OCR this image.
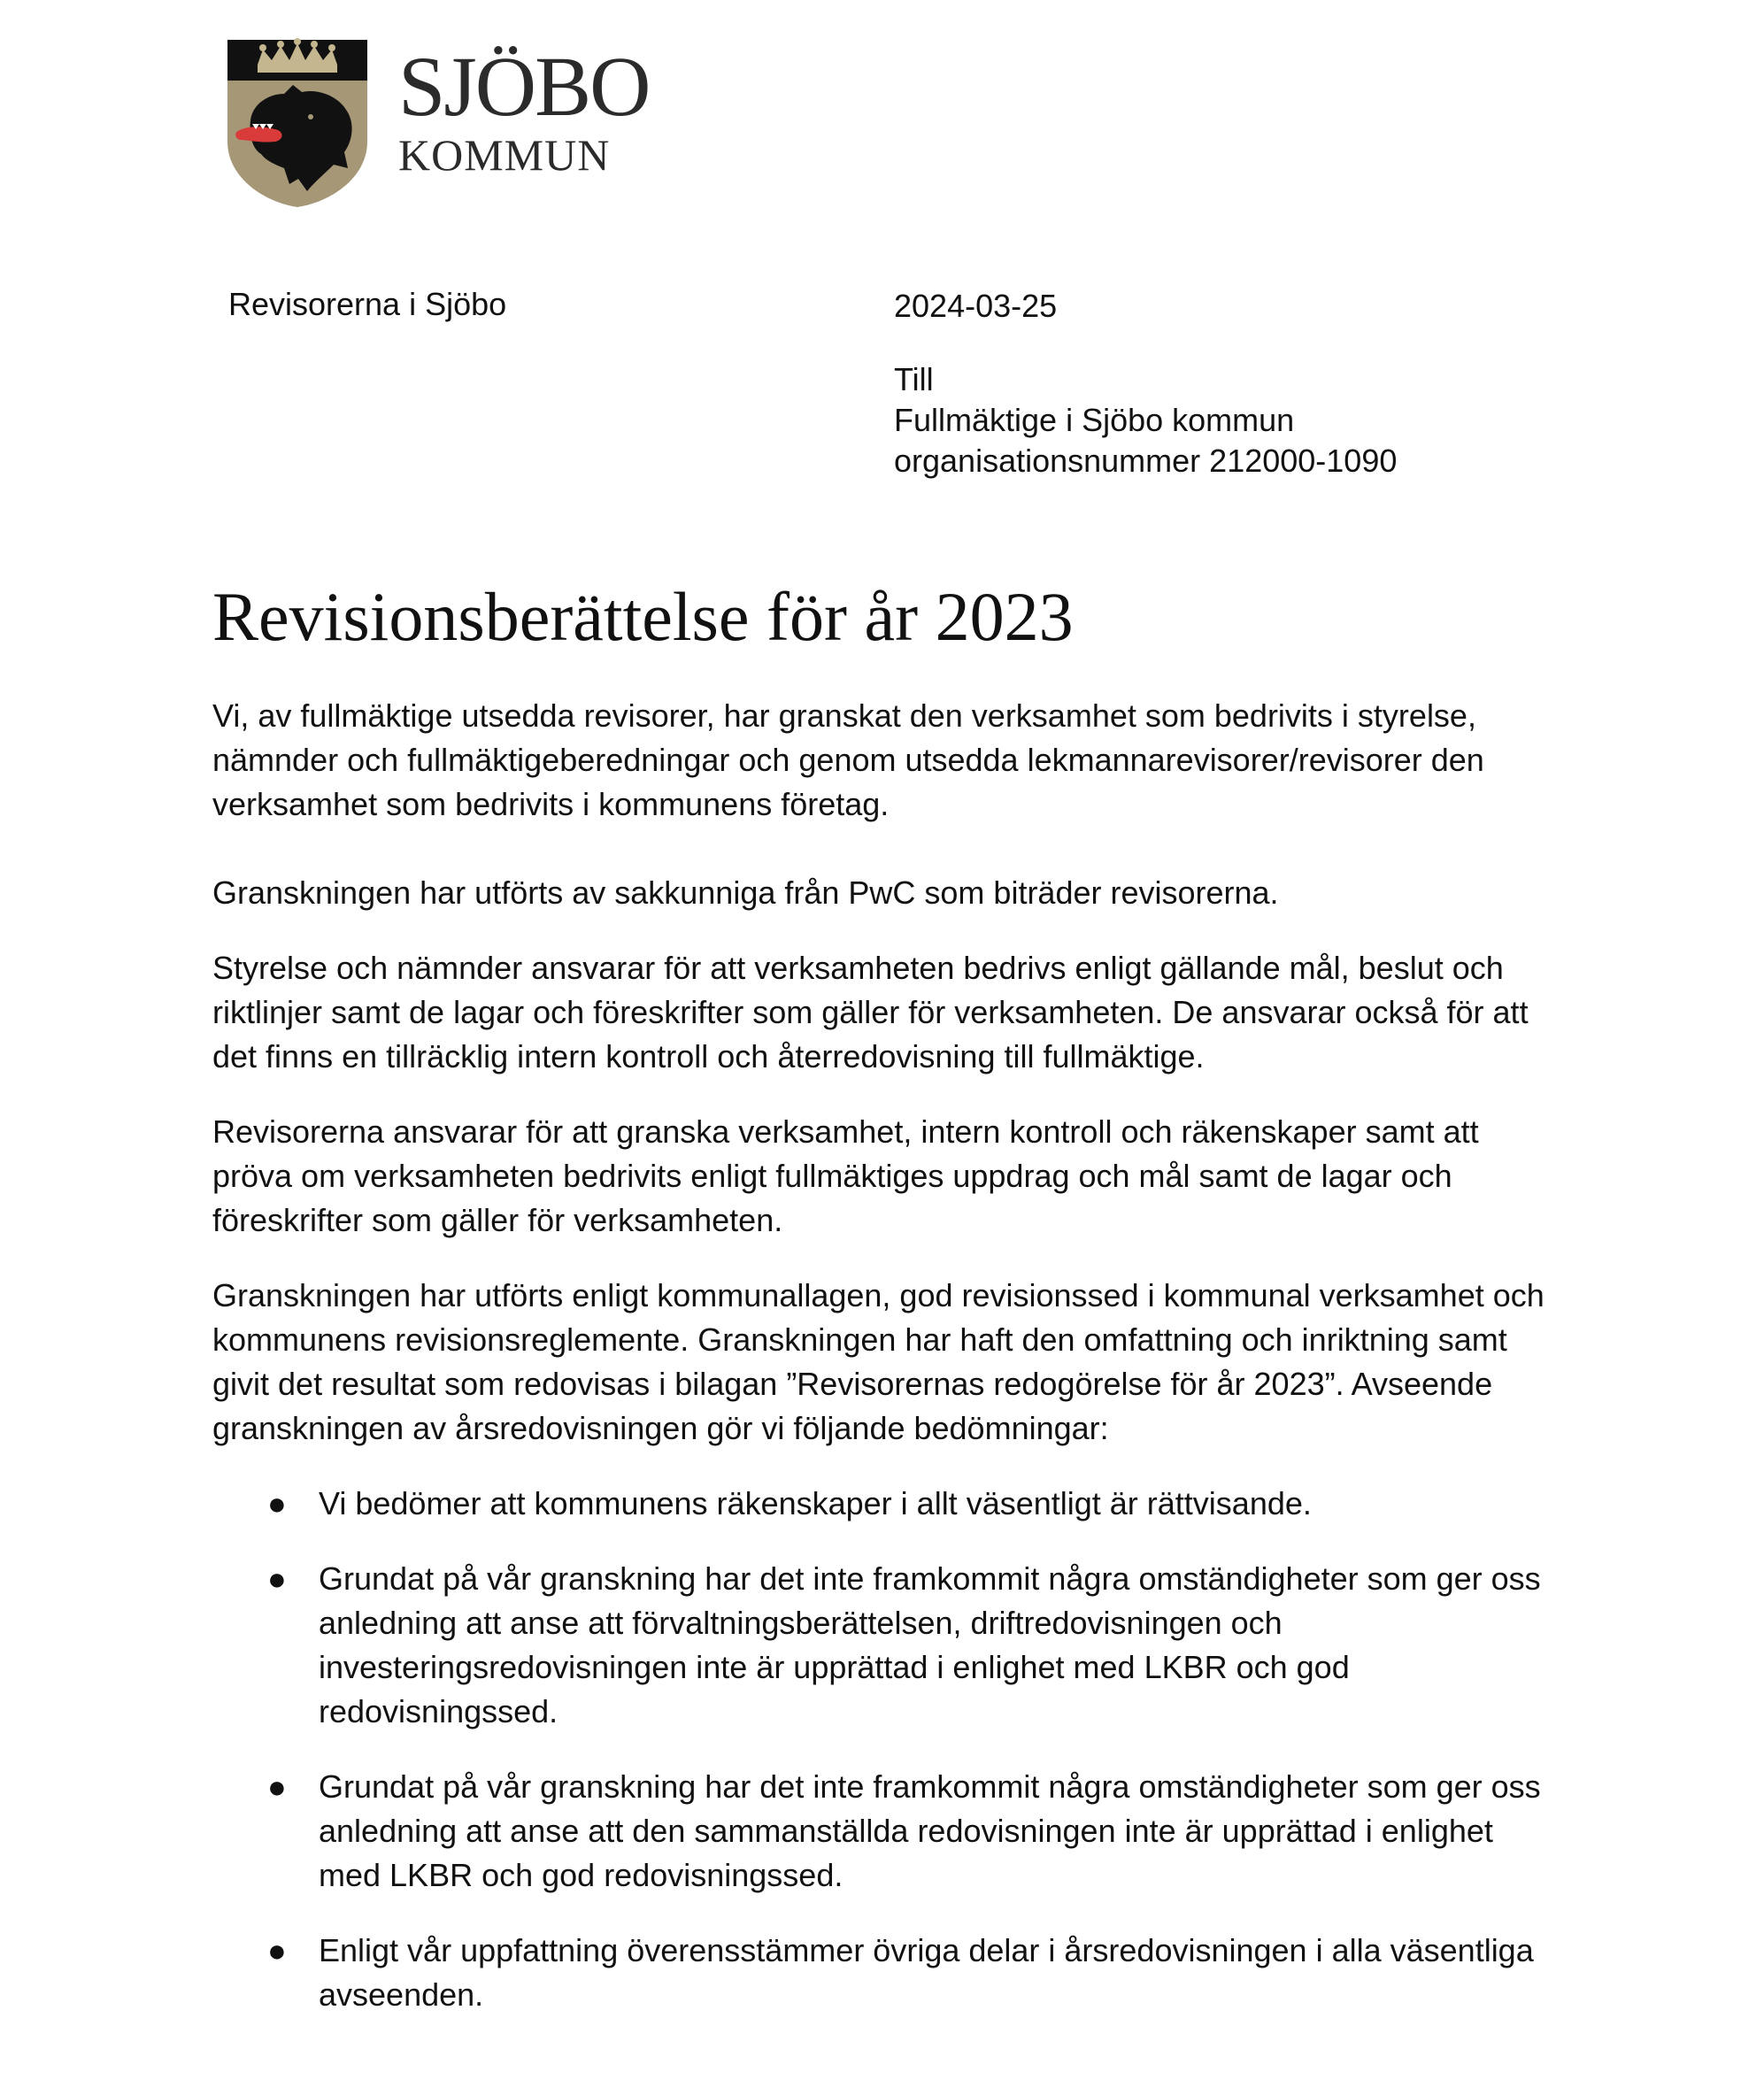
SJÖBO
KOMMUN
Revisorerna i Sjöbo	2024-03-25
Till
Fullmäktige i Sjöbo kommun
organisationsnummer 212000-1090
Revisionsberättelse för år 2023

Vi, av fullmäktige utsedda revisorer, har granskat den verksamhet som bedrivits i styrelse, nämnder och fullmäktigeberedningar och genom utsedda lekmannarevisorer/revisorer den verksamhet som bedrivits i kommunens företag.

Granskningen har utförts av sakkunniga från PwC som biträder revisorerna.

Styrelse och nämnder ansvarar för att verksamheten bedrivs enligt gällande mål, beslut och riktlinjer samt de lagar och föreskrifter som gäller för verksamheten. De ansvarar också för att det finns en tillräcklig intern kontroll och återredovisning till fullmäktige.

Revisorerna ansvarar för att granska verksamhet, intern kontroll och räkenskaper samt att pröva om verksamheten bedrivits enligt fullmäktiges uppdrag och mål samt de lagar och föreskrifter som gäller för verksamheten.

Granskningen har utförts enligt kommunallagen, god revisionssed i kommunal verksamhet och kommunens revisionsreglemente. Granskningen har haft den omfattning och inriktning samt givit det resultat som redovisas i bilagan ”Revisorernas redogörelse för år 2023”. Avseende granskningen av årsredovisningen gör vi följande bedömningar:

● Vi bedömer att kommunens räkenskaper i allt väsentligt är rättvisande.
● Grundat på vår granskning har det inte framkommit några omständigheter som ger oss anledning att anse att förvaltningsberättelsen, driftredovisningen och investeringsredovisningen inte är upprättad i enlighet med LKBR och god redovisningssed.
● Grundat på vår granskning har det inte framkommit några omständigheter som ger oss anledning att anse att den sammanställda redovisningen inte är upprättad i enlighet med LKBR och god redovisningssed.
● Enligt vår uppfattning överensstämmer övriga delar i årsredovisningen i alla väsentliga avseenden.
